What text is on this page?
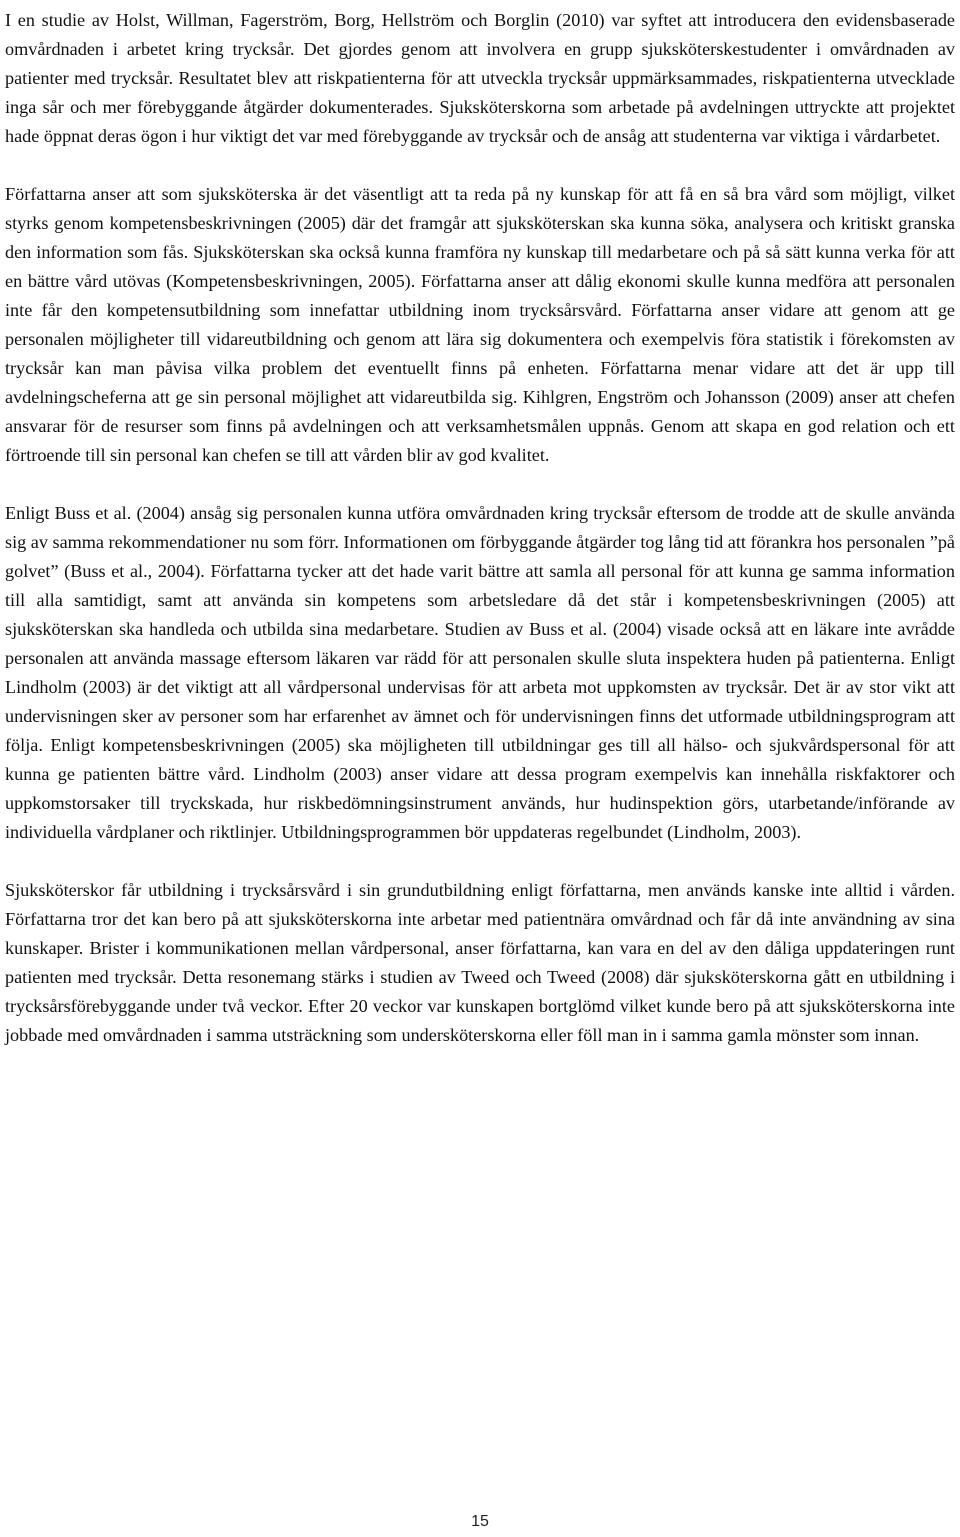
I en studie av Holst, Willman, Fagerström, Borg, Hellström och Borglin (2010) var syftet att introducera den evidensbaserade omvårdnaden i arbetet kring trycksår. Det gjordes genom att involvera en grupp sjuksköterskestudenter i omvårdnaden av patienter med trycksår. Resultatet blev att riskpatienterna för att utveckla trycksår uppmärksammades, riskpatienterna utvecklade inga sår och mer förebyggande åtgärder dokumenterades. Sjuksköterskorna som arbetade på avdelningen uttryckte att projektet hade öppnat deras ögon i hur viktigt det var med förebyggande av trycksår och de ansåg att studenterna var viktiga i vårdarbetet.

Författarna anser att som sjuksköterska är det väsentligt att ta reda på ny kunskap för att få en så bra vård som möjligt, vilket styrks genom kompetensbeskrivningen (2005) där det framgår att sjuksköterskan ska kunna söka, analysera och kritiskt granska den information som fås. Sjuksköterskan ska också kunna framföra ny kunskap till medarbetare och på så sätt kunna verka för att en bättre vård utövas (Kompetensbeskrivningen, 2005). Författarna anser att dålig ekonomi skulle kunna medföra att personalen inte får den kompetensutbildning som innefattar utbildning inom trycksårsvård. Författarna anser vidare att genom att ge personalen möjligheter till vidareutbildning och genom att lära sig dokumentera och exempelvis föra statistik i förekomsten av trycksår kan man påvisa vilka problem det eventuellt finns på enheten. Författarna menar vidare att det är upp till avdelningscheferna att ge sin personal möjlighet att vidareutbilda sig. Kihlgren, Engström och Johansson (2009) anser att chefen ansvarar för de resurser som finns på avdelningen och att verksamhetsmålen uppnås. Genom att skapa en god relation och ett förtroende till sin personal kan chefen se till att vården blir av god kvalitet.

Enligt Buss et al. (2004) ansåg sig personalen kunna utföra omvårdnaden kring trycksår eftersom de trodde att de skulle använda sig av samma rekommendationer nu som förr. Informationen om förbyggande åtgärder tog lång tid att förankra hos personalen ”på golvet” (Buss et al., 2004). Författarna tycker att det hade varit bättre att samla all personal för att kunna ge samma information till alla samtidigt, samt att använda sin kompetens som arbetsledare då det står i kompetensbeskrivningen (2005) att sjuksköterskan ska handleda och utbilda sina medarbetare. Studien av Buss et al. (2004) visade också att en läkare inte avrådde personalen att använda massage eftersom läkaren var rädd för att personalen skulle sluta inspektera huden på patienterna. Enligt Lindholm (2003) är det viktigt att all vårdpersonal undervisas för att arbeta mot uppkomsten av trycksår. Det är av stor vikt att undervisningen sker av personer som har erfarenhet av ämnet och för undervisningen finns det utformade utbildningsprogram att följa. Enligt kompetensbeskrivningen (2005) ska möjligheten till utbildningar ges till all hälso- och sjukvårdspersonal för att kunna ge patienten bättre vård. Lindholm (2003) anser vidare att dessa program exempelvis kan innehålla riskfaktorer och uppkomstorsaker till tryckskada, hur riskbedömningsinstrument används, hur hudinspektion görs, utarbetande/införande av individuella vårdplaner och riktlinjer. Utbildningsprogrammen bör uppdateras regelbundet (Lindholm, 2003).

Sjuksköterskor får utbildning i trycksårsvård i sin grundutbildning enligt författarna, men används kanske inte alltid i vården. Författarna tror det kan bero på att sjuksköterskorna inte arbetar med patientnära omvårdnad och får då inte användning av sina kunskaper. Brister i kommunikationen mellan vårdpersonal, anser författarna, kan vara en del av den dåliga uppdateringen runt patienten med trycksår. Detta resonemang stärks i studien av Tweed och Tweed (2008) där sjuksköterskorna gått en utbildning i trycksårsförebyggande under två veckor. Efter 20 veckor var kunskapen bortglömd vilket kunde bero på att sjuksköterskorna inte jobbade med omvårdnaden i samma utsträckning som undersköterskorna eller föll man in i samma gamla mönster som innan.

15
